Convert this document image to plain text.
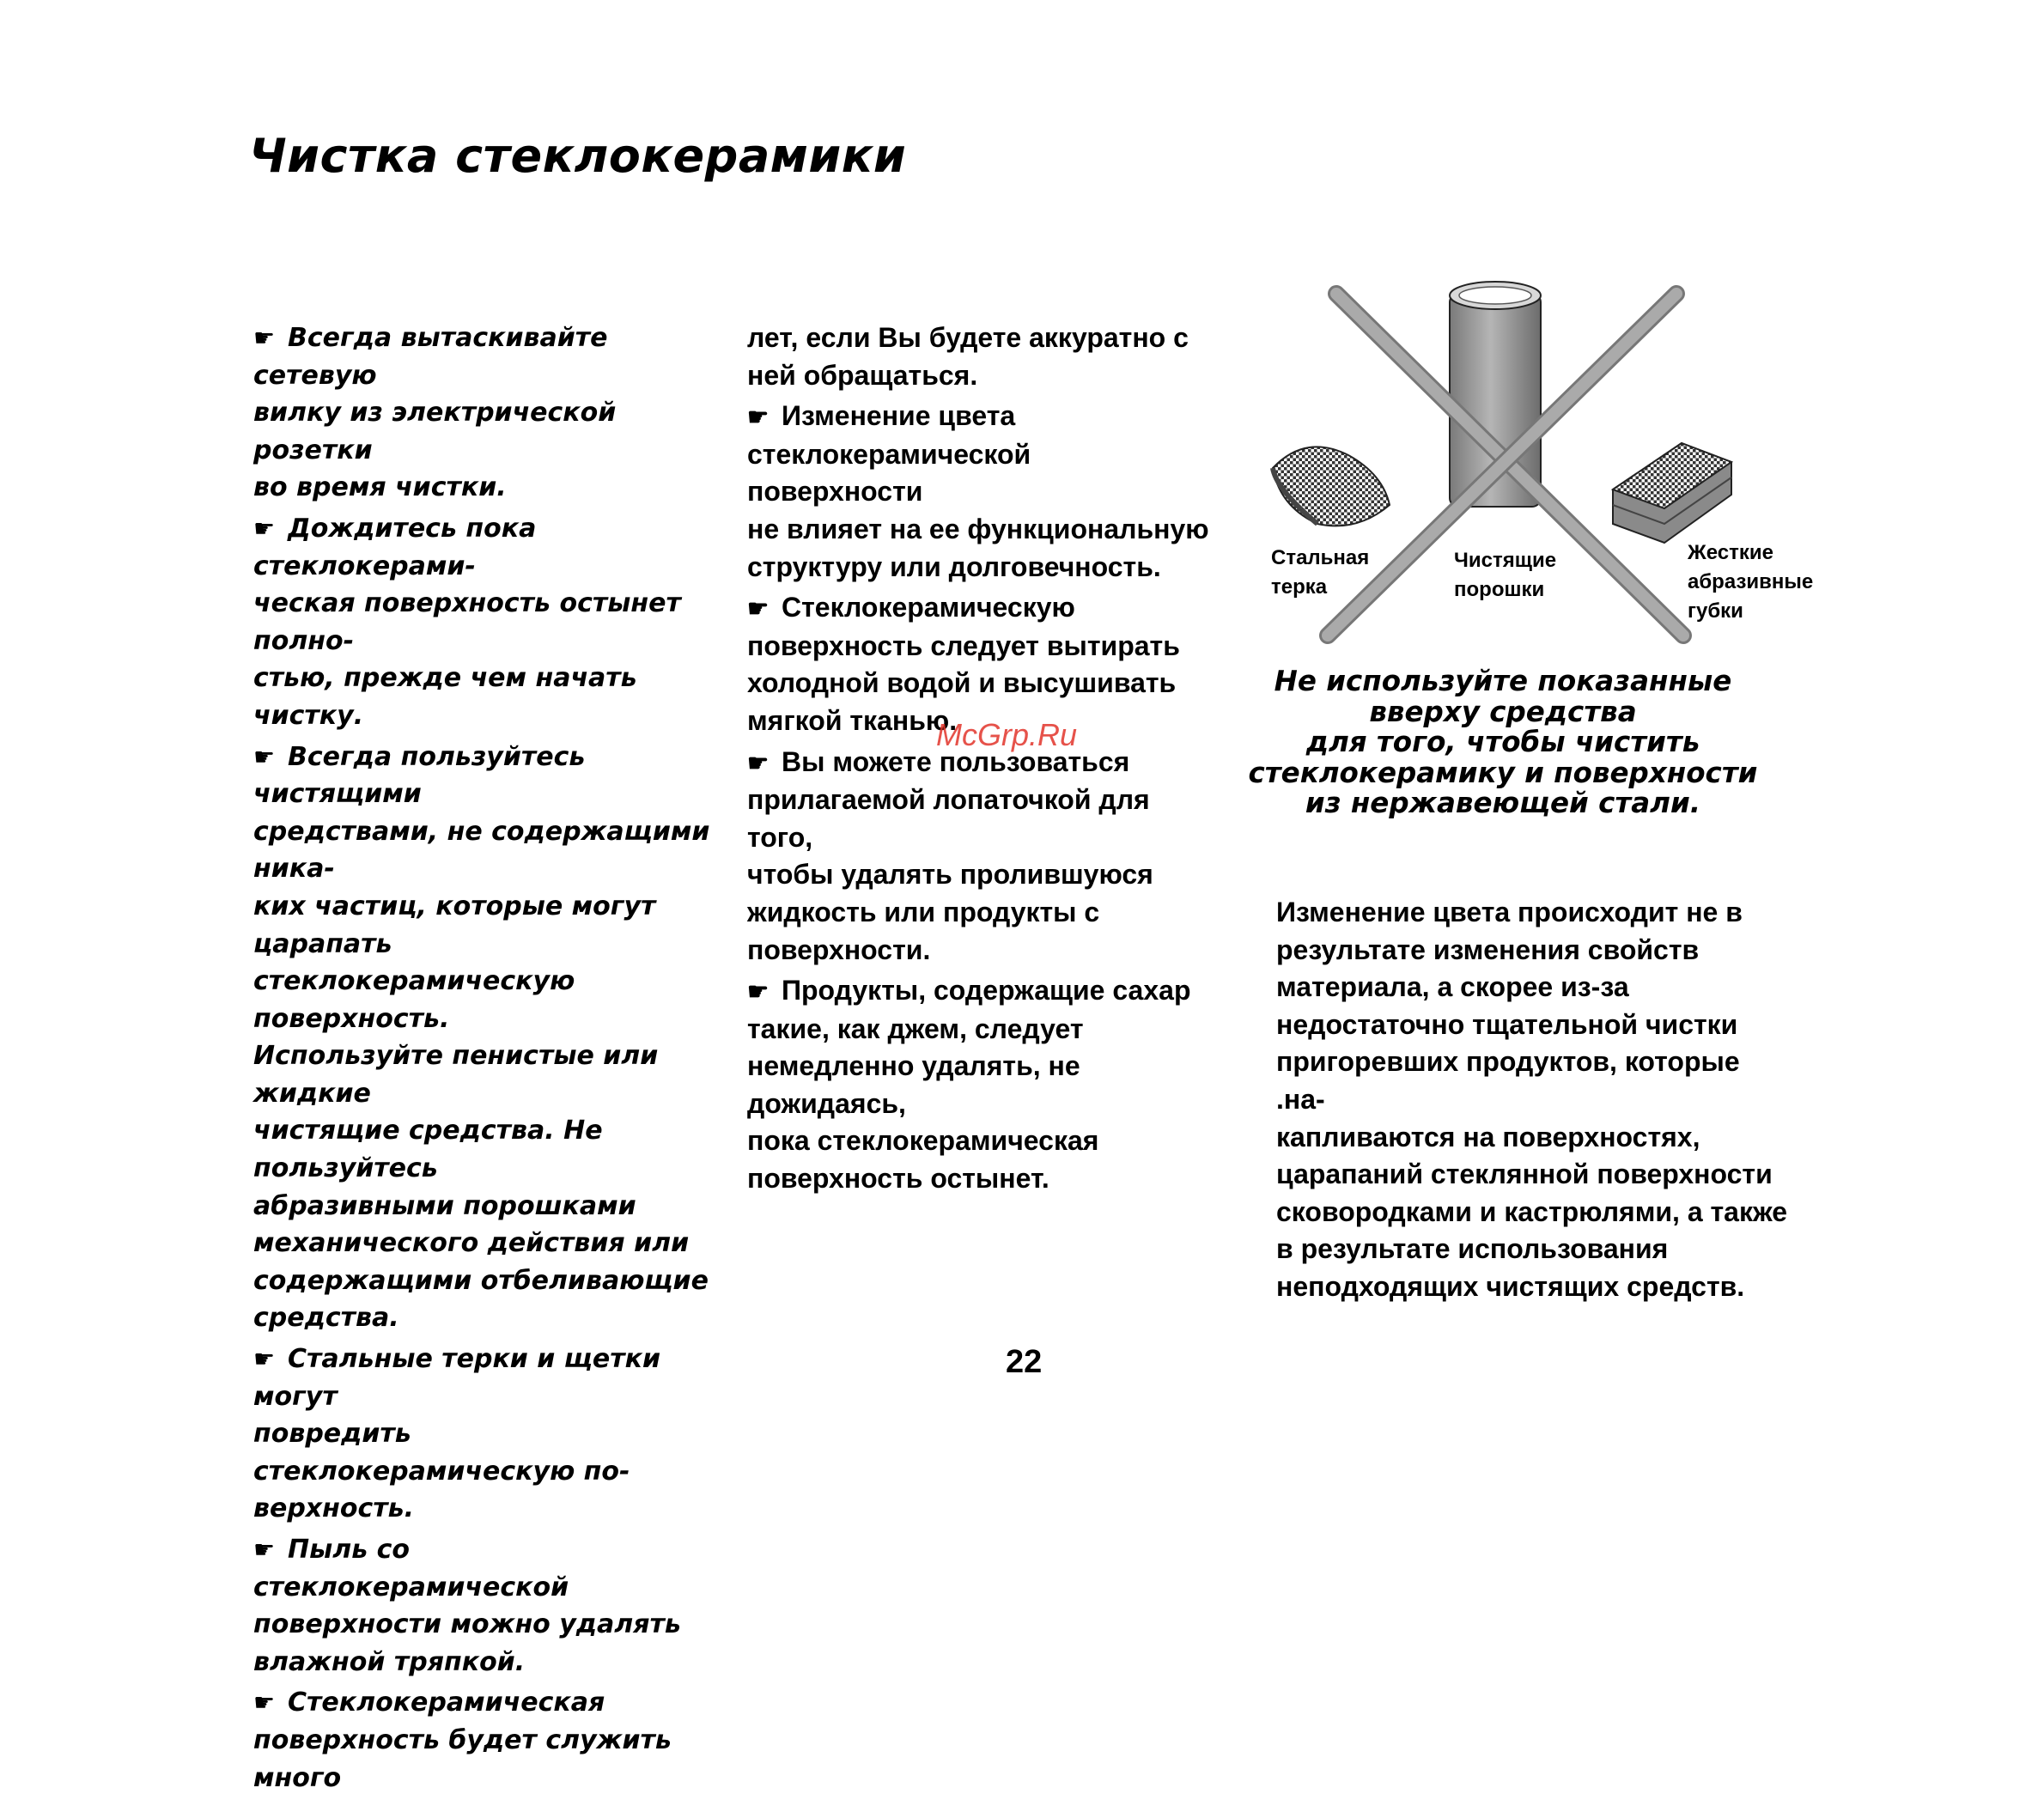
Чистка стеклокерамики
☛ Всегда вытаскивайте сетевую
вилку из электрической розетки
во время чистки.
☛ Дождитесь пока стеклокерами-
ческая поверхность остынет полно-
стью, прежде чем начать чистку.
☛ Всегда пользуйтесь чистящими
средствами, не содержащими ника-
ких частиц, которые могут царапать
стеклокерамическую поверхность.
Используйте пенистые или жидкие
чистящие средства. Не пользуйтесь
абразивными порошками
механического действия или
содержащими отбеливающие
средства.
☛ Стальные терки и щетки могут
повредить стеклокерамическую по-
верхность.
☛ Пыль со стеклокерамической
поверхности можно удалять
влажной тряпкой.
☛ Стеклокерамическая
поверхность будет служить много
лет, если Вы будете аккуратно с
ней обращаться.
☛ Изменение цвета
стеклокерамической поверхности
не влияет на ее функциональную
структуру или долговечность.
☛ Стеклокерамическую
поверхность следует вытирать
холодной водой и высушивать
мягкой тканью.
☛ Вы можете пользоваться
прилагаемой лопаточкой для того,
чтобы удалять пролившуюся
жидкость или продукты с
поверхности.
☛ Продукты, содержащие сахар
такие, как джем, следует
немедленно удалять, не дожидаясь,
пока стеклокерамическая
поверхность остынет.
Стальная
терка
Чистящие
порошки
Жесткие
абразивные
губки

Не используйте показанные
вверху средства
для того, чтобы чистить
стеклокерамику и поверхности
из нержавеющей стали.

Изменение цвета происходит не в
результате изменения свойств
материала, а скорее из-за
недостаточно тщательной чистки
пригоревших продуктов, которые .на-
капливаются на поверхностях,
царапаний стеклянной поверхности
сковородками и кастрюлями, а также
в результате использования
неподходящих чистящих средств.
McGrp.Ru
22
